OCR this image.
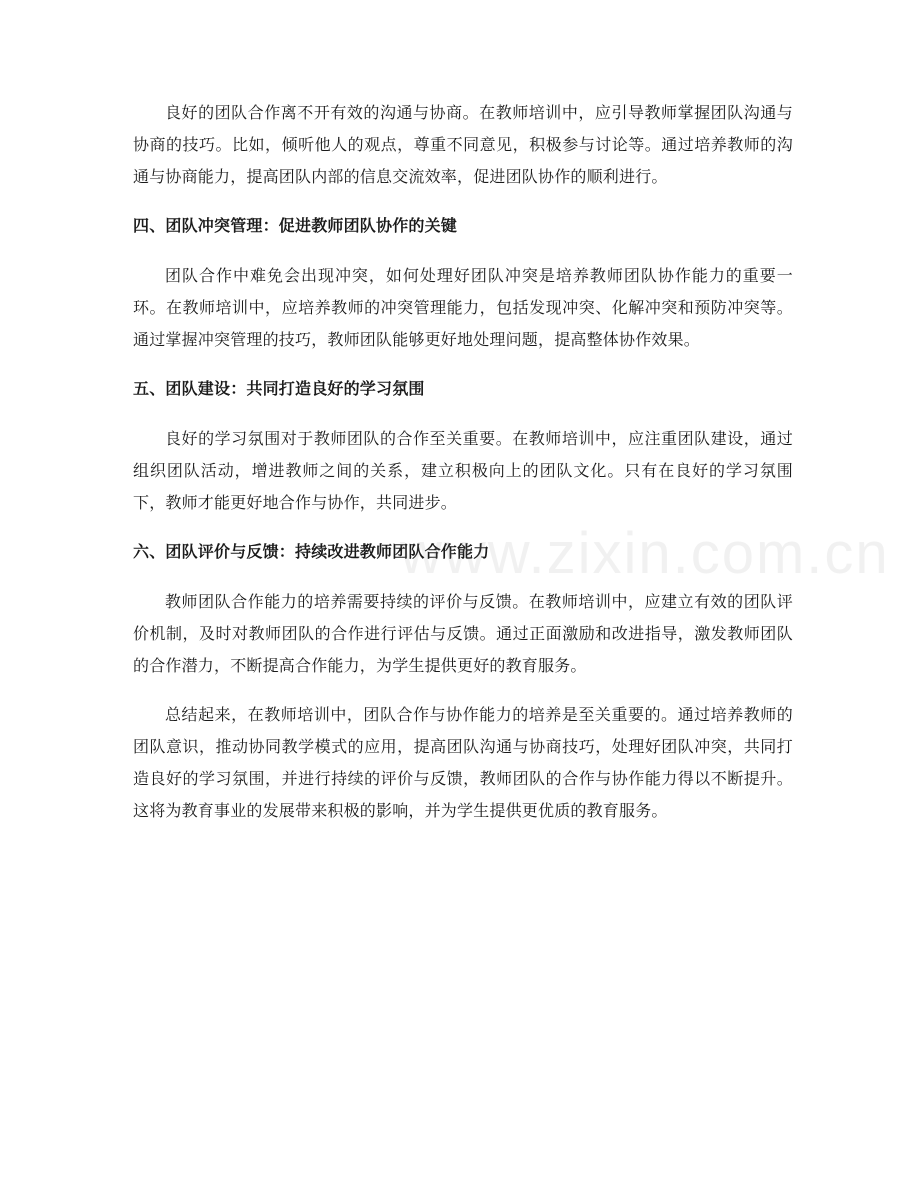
良好的团队合作离不开有效的沟通与协商。在教师培训中，应引导教师掌握团队沟通与协商的技巧。比如，倾听他人的观点，尊重不同意见，积极参与讨论等。通过培养教师的沟通与协商能力，提高团队内部的信息交流效率，促进团队协作的顺利进行。

四、团队冲突管理：促进教师团队协作的关键

团队合作中难免会出现冲突，如何处理好团队冲突是培养教师团队协作能力的重要一环。在教师培训中，应培养教师的冲突管理能力，包括发现冲突、化解冲突和预防冲突等。通过掌握冲突管理的技巧，教师团队能够更好地处理问题，提高整体协作效果。

五、团队建设：共同打造良好的学习氛围

良好的学习氛围对于教师团队的合作至关重要。在教师培训中，应注重团队建设，通过组织团队活动，增进教师之间的关系，建立积极向上的团队文化。只有在良好的学习氛围下，教师才能更好地合作与协作，共同进步。

六、团队评价与反馈：持续改进教师团队合作能力

教师团队合作能力的培养需要持续的评价与反馈。在教师培训中，应建立有效的团队评价机制，及时对教师团队的合作进行评估与反馈。通过正面激励和改进指导，激发教师团队的合作潜力，不断提高合作能力，为学生提供更好的教育服务。

总结起来，在教师培训中，团队合作与协作能力的培养是至关重要的。通过培养教师的团队意识，推动协同教学模式的应用，提高团队沟通与协商技巧，处理好团队冲突，共同打造良好的学习氛围，并进行持续的评价与反馈，教师团队的合作与协作能力得以不断提升。这将为教育事业的发展带来积极的影响，并为学生提供更优质的教育服务。

www.zixin.com.cn
